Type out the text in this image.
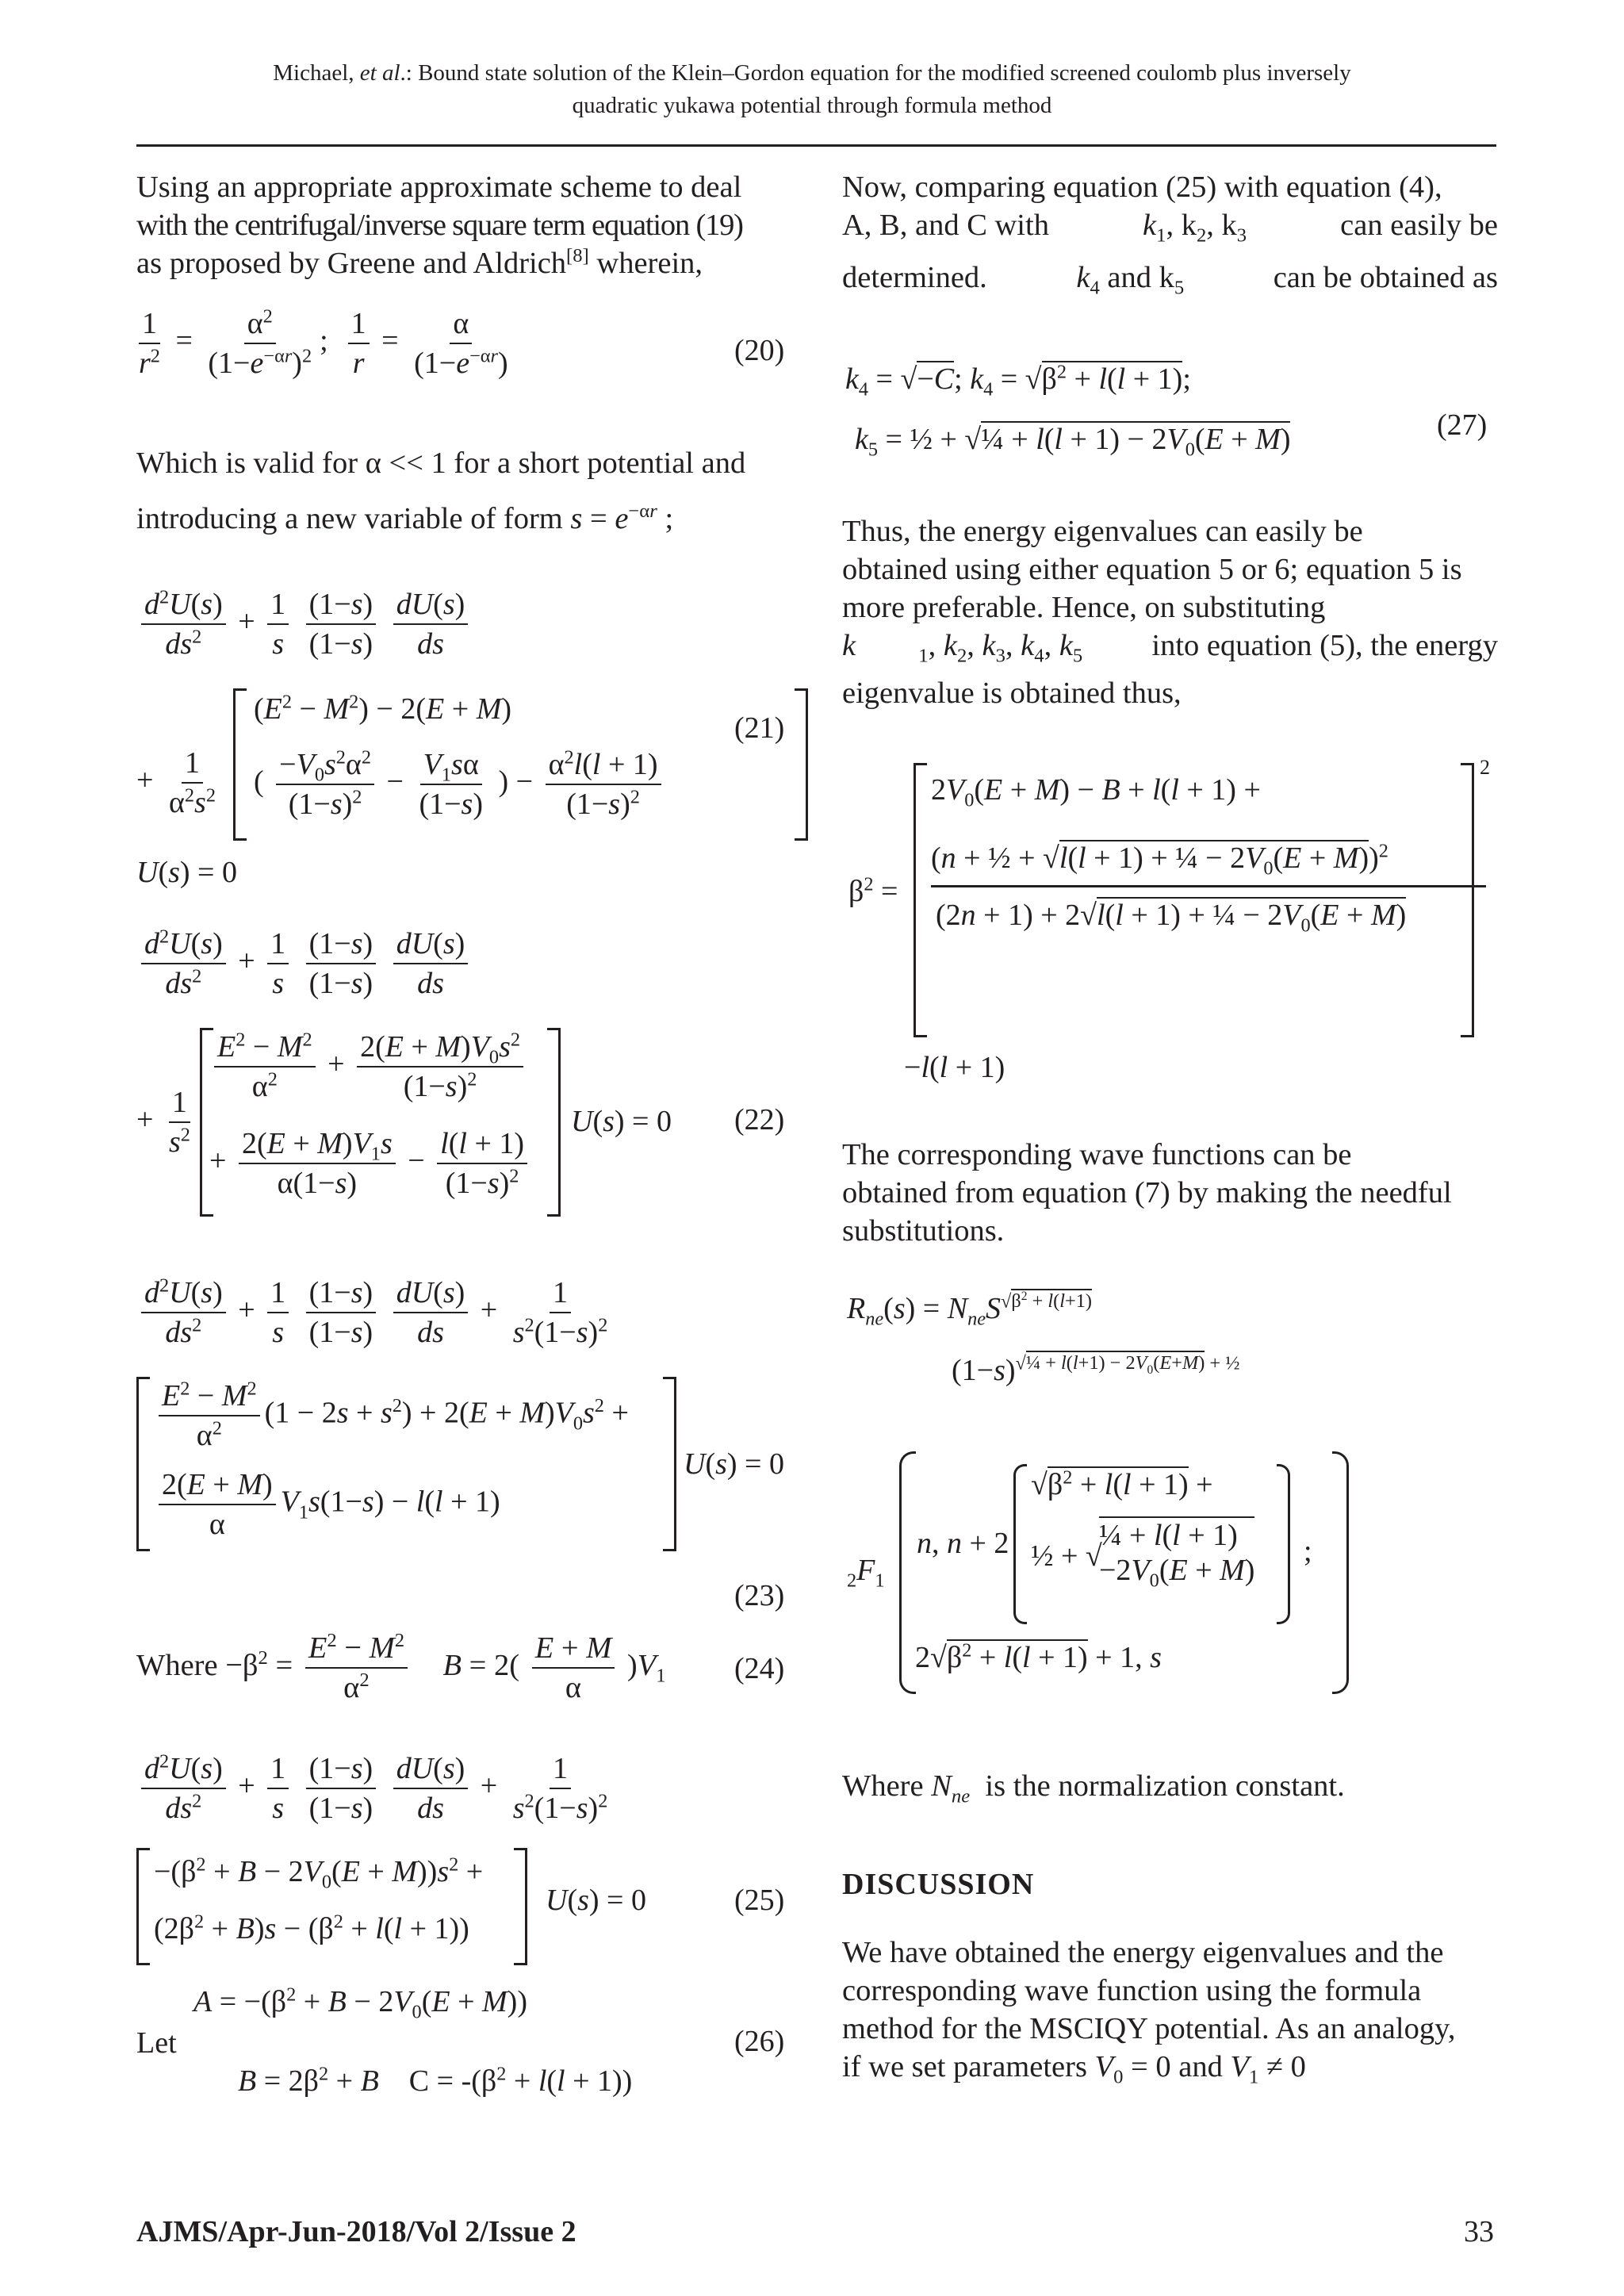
Michael, et al.: Bound state solution of the Klein–Gordon equation for the modified screened coulomb plus inversely
quadratic yukawa potential through formula method
Using an appropriate approximate scheme to deal
with the centrifugal/inverse square term equation (19)
as proposed by Greene and Aldrich[8] wherein,
$\frac{1}{r^2} = \frac{\alpha^2}{(1-e^{-\alpha r})^2}$ ; $\frac{1}{r} = \frac{\alpha}{(1-e^{-\alpha r})}$	(20)
Which is valid for α << 1 for a short potential and
introducing a new variable of form $s = e^{-\alpha r}$ ;
$\frac{d^2U(s)}{ds^2} + \frac{1}{s}$
$\frac{(1-s)}{(1-s)}$
$\frac{dU(s)}{ds}$
+ $\frac{1}{\alpha^2s^2}$
$(E^2 - M^2) - 2(E + M)$
( $\frac{-V_0s^2\alpha^2}{(1-s)^2} - \frac{V_1s\alpha}{(1-s)}$ ) − $\frac{\alpha^2l(l + 1)}{(1-s)^2}$
(21)
U(s) = 0
$\frac{d^2U(s)}{ds^2} + \frac{1}{s}$
$\frac{(1-s)}{(1-s)}$
$\frac{dU(s)}{ds}$
+ $\frac{1}{s^2}$
$\frac{E^2 - M^2}{\alpha^2} + \frac{2(E + M)V_0s^2}{(1-s)^2}$
+ $\frac{2(E + M)V_1s}{\alpha(1-s)} - \frac{l(l + 1)}{(1-s)^2}$
U(s) = 0 (22)
$\frac{d^2U(s)}{ds^2} + \frac{1}{s}$
$\frac{(1-s)}{(1-s)}$
$\frac{dU(s)}{ds} + \frac{1}{s^2(1-s)^2}$
$\frac{E^2 - M^2}{\alpha^2} (1 - 2s + s^2) + 2(E + M)V_0s^2$ +
$\frac{2(E + M)}{\alpha} V_1s(1-s) - l(l + 1)$
U(s) = 0
(23)
Where $-\beta^2 = \frac{E^2 - M^2}{\alpha^2}$ $B = 2( \frac{E + M}{\alpha} )V_1$ (24)
$\frac{d^2U(s)}{ds^2} + \frac{1}{s}$
$\frac{(1-s)}{(1-s)}$
$\frac{dU(s)}{ds} + \frac{1}{s^2(1-s)^2}$
$-(\beta^2 + B - 2V_0(E + M))s^2$ +
$(2\beta^2 + B)s - (\beta^2 + l(l + 1))$
U(s) = 0	(25)
$A = -(\beta^2 + B - 2V_0(E + M))$
Let
$B = 2\beta^2 + B$    $C = -(\beta^2 + l(l + 1))$
(26)
Now, comparing equation (25) with equation (4),
A, B, and C with	$k_1$, $k_2$, $k_3$	can easily be
determined.	$k_4$ and $k_5$	can be obtained as
$k_4 = √-C$; $k_4 = √\beta^2 + l(l + 1)$;
$k_5$ = ½ + √¼ + $l(l + 1) - 2V_0(E + M)$	(27)
Thus, the energy eigenvalues can easily be
obtained using either equation 5 or 6; equation 5 is
more preferable. Hence, on substituting
k	$_1$, $k_2$, $k_3$, $k_4$, $k_5$ into equation (5), the energy
eigenvalue is obtained thus,
$\beta^2$ =
$2V_0(E + M) - B + l(l + 1)$ +
(n + ½ + √l(l + 1) + ¼ − $2V_0(E + M))^2$
(2n + 1) + 2√l(l + 1) + ¼ − $2V_0(E + M)$
2
−l(l + 1)
The corresponding wave functions can be
obtained from equation (7) by making the needful
substitutions.
$R_{ne}(s) = N_{ne}S^{√\beta^2 + l(l+1)}$
$(1-s)^{√\frac{1}{4} + l(l+1) - 2V_0(E+M) + \frac{1}{2}}$
$_2F_1$
n, n + 2
$√\beta^2 + l(l + 1)$ +
½ + √
¼ + l(l + 1)
$-2V_0(E + M)$
;
$2√\beta^2 + l(l + 1) + 1$, s
Where $N_{ne}$ is the normalization constant.
DISCUSSION
We have obtained the energy eigenvalues and the
corresponding wave function using the formula
method for the MSCIQY potential. As an analogy,
if we set parameters $V_0 = 0$ and $V_1 \ne 0$
AJMS/Apr-Jun-2018/Vol 2/Issue 2	33
